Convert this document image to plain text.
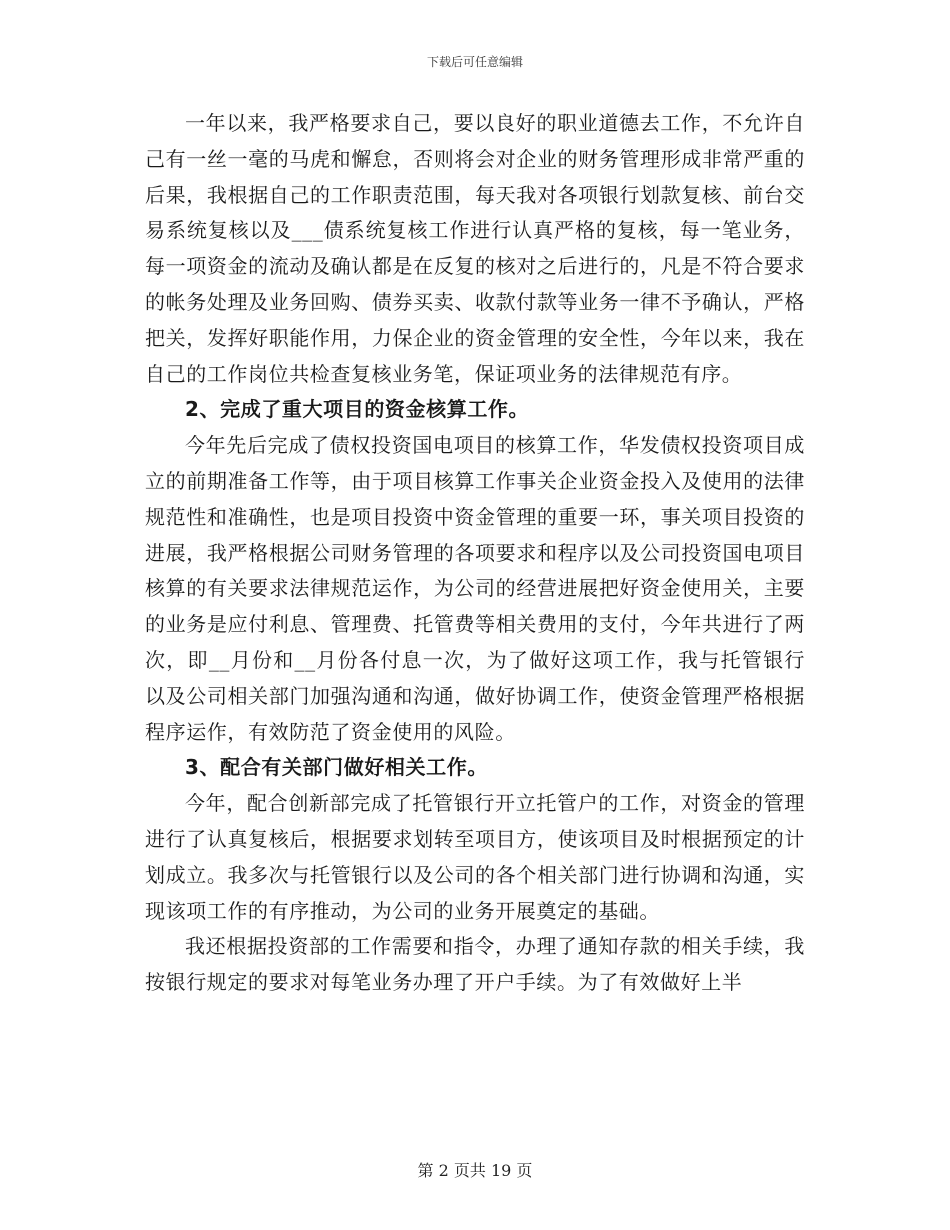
下载后可任意编辑

一年以来，我严格要求自己，要以良好的职业道德去工作，不允许自己有一丝一毫的马虎和懈怠，否则将会对企业的财务管理形成非常严重的后果，我根据自己的工作职责范围，每天我对各项银行划款复核、前台交易系统复核以及___债系统复核工作进行认真严格的复核，每一笔业务，每一项资金的流动及确认都是在反复的核对之后进行的，凡是不符合要求的帐务处理及业务回购、债券买卖、收款付款等业务一律不予确认，严格把关，发挥好职能作用，力保企业的资金管理的安全性，今年以来，我在自己的工作岗位共检查复核业务笔，保证项业务的法律规范有序。

2、完成了重大项目的资金核算工作。

今年先后完成了债权投资国电项目的核算工作，华发债权投资项目成立的前期准备工作等，由于项目核算工作事关企业资金投入及使用的法律规范性和准确性，也是项目投资中资金管理的重要一环，事关项目投资的进展，我严格根据公司财务管理的各项要求和程序以及公司投资国电项目核算的有关要求法律规范运作，为公司的经营进展把好资金使用关，主要的业务是应付利息、管理费、托管费等相关费用的支付，今年共进行了两次，即__月份和__月份各付息一次，为了做好这项工作，我与托管银行以及公司相关部门加强沟通和沟通，做好协调工作，使资金管理严格根据程序运作，有效防范了资金使用的风险。

3、配合有关部门做好相关工作。

今年，配合创新部完成了托管银行开立托管户的工作，对资金的管理进行了认真复核后，根据要求划转至项目方，使该项目及时根据预定的计划成立。我多次与托管银行以及公司的各个相关部门进行协调和沟通，实现该项工作的有序推动，为公司的业务开展奠定的基础。

我还根据投资部的工作需要和指令，办理了通知存款的相关手续，我按银行规定的要求对每笔业务办理了开户手续。为了有效做好上半

第 2 页共 19 页
